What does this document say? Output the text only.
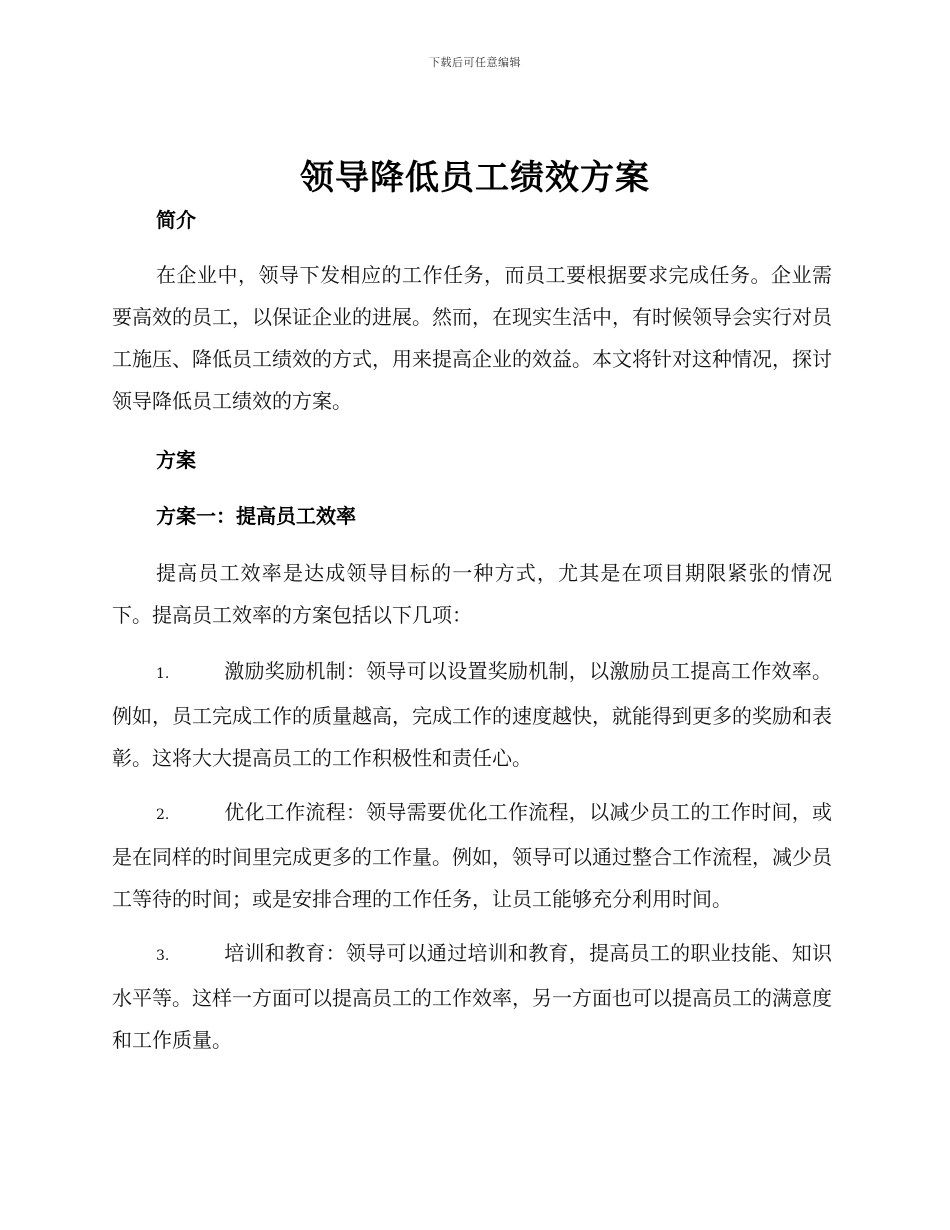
下载后可任意编辑
领导降低员工绩效方案

简介

在企业中，领导下发相应的工作任务，而员工要根据要求完成任务。企业需要高效的员工，以保证企业的进展。然而，在现实生活中，有时候领导会实行对员工施压、降低员工绩效的方式，用来提高企业的效益。本文将针对这种情况，探讨领导降低员工绩效的方案。

方案

方案一：提高员工效率

提高员工效率是达成领导目标的一种方式，尤其是在项目期限紧张的情况下。提高员工效率的方案包括以下几项：

1.	激励奖励机制：领导可以设置奖励机制，以激励员工提高工作效率。例如，员工完成工作的质量越高，完成工作的速度越快，就能得到更多的奖励和表彰。这将大大提高员工的工作积极性和责任心。

2.	优化工作流程：领导需要优化工作流程，以减少员工的工作时间，或是在同样的时间里完成更多的工作量。例如，领导可以通过整合工作流程，减少员工等待的时间；或是安排合理的工作任务，让员工能够充分利用时间。

3.	培训和教育：领导可以通过培训和教育，提高员工的职业技能、知识水平等。这样一方面可以提高员工的工作效率，另一方面也可以提高员工的满意度和工作质量。
